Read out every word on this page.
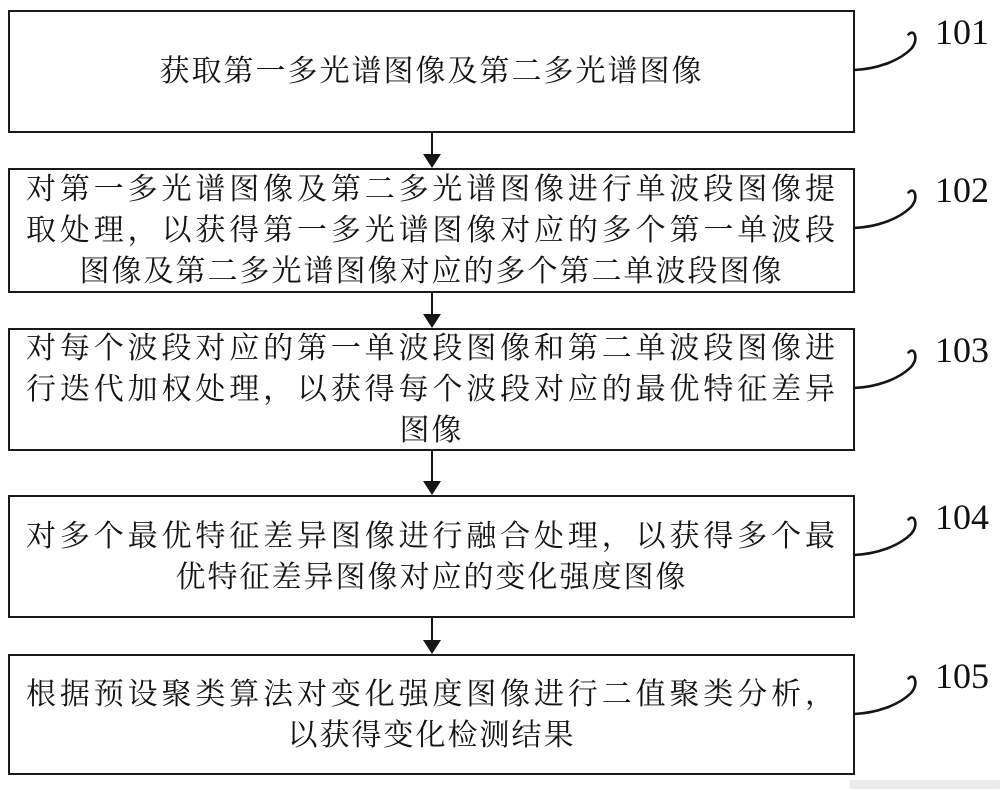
获取第一多光谱图像及第二多光谱图像
101
对第一多光谱图像及第二多光谱图像进行单波段图像提
取处理，以获得第一多光谱图像对应的多个第一单波段
图像及第二多光谱图像对应的多个第二单波段图像
102
对每个波段对应的第一单波段图像和第二单波段图像进
行迭代加权处理，以获得每个波段对应的最优特征差异
图像
103
对多个最优特征差异图像进行融合处理，以获得多个最
优特征差异图像对应的变化强度图像
104
根据预设聚类算法对变化强度图像进行二值聚类分析，
以获得变化检测结果
105
